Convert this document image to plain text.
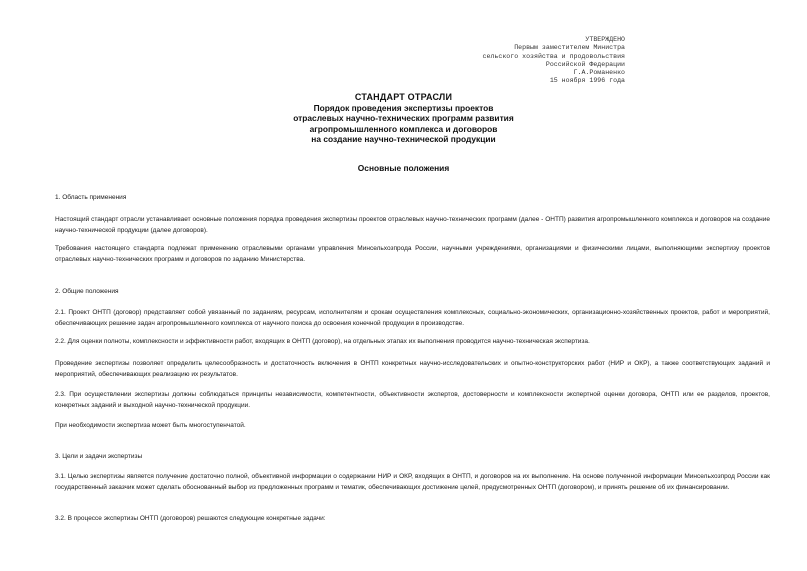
УТВЕРЖДЕНО
Первым заместителем Министра
сельского хозяйства и продовольствия
Российской Федерации
Г.А.Романенко
15 ноября 1996 года
СТАНДАРТ ОТРАСЛИ
Порядок проведения экспертизы проектов
отраслевых научно-технических программ развития
агропромышленного комплекса и договоров
на создание научно-технической продукции
Основные положения

1. Область применения

Настоящий стандарт отрасли устанавливает основные положения порядка проведения экспертизы проектов отраслевых научно-технических программ (далее - ОНТП) развития агропромышленного комплекса и договоров на создание научно-технической продукции (далее договоров).

Требования настоящего стандарта подлежат применению отраслевыми органами управления Минсельхозпрода России, научными учреждениями, организациями и физическими лицами, выполняющими экспертизу проектов отраслевых научно-технических программ и договоров по заданию Министерства.

2. Общие положения

2.1. Проект ОНТП (договор) представляет собой увязанный по заданиям, ресурсам, исполнителям и срокам осуществления комплексных, социально-экономических, организационно-хозяйственных проектов, работ и мероприятий, обеспечивающих решение задач агропромышленного комплекса от научного поиска до освоения конечной продукции в производстве.

2.2. Для оценки полноты, комплексности и эффективности работ, входящих в ОНТП (договор), на отдельных этапах их выполнения проводится научно-техническая экспертиза.

Проведение экспертизы позволяет определить целесообразность и достаточность включения в ОНТП конкретных научно-исследовательских и опытно-конструкторских работ (НИР и ОКР), а также соответствующих заданий и мероприятий, обеспечивающих реализацию их результатов.

2.3. При осуществлении экспертизы должны соблюдаться принципы независимости, компетентности, объективности экспертов, достоверности и комплексности экспертной оценки договора, ОНТП или ее разделов, проектов, конкретных заданий и выходной научно-технической продукции.

При необходимости экспертиза может быть многоступенчатой.

3. Цели и задачи экспертизы

3.1. Целью экспертизы является получение достаточно полной, объективной информации о содержании НИР и ОКР, входящих в ОНТП, и договоров на их выполнение. На основе полученной информации Минсельхозпрод России как государственный заказчик может сделать обоснованный выбор из предложенных программ и тематик, обеспечивающих достижение целей, предусмотренных ОНТП (договором), и принять решение об их финансировании.

3.2. В процессе экспертизы ОНТП (договоров) решаются следующие конкретные задачи:
